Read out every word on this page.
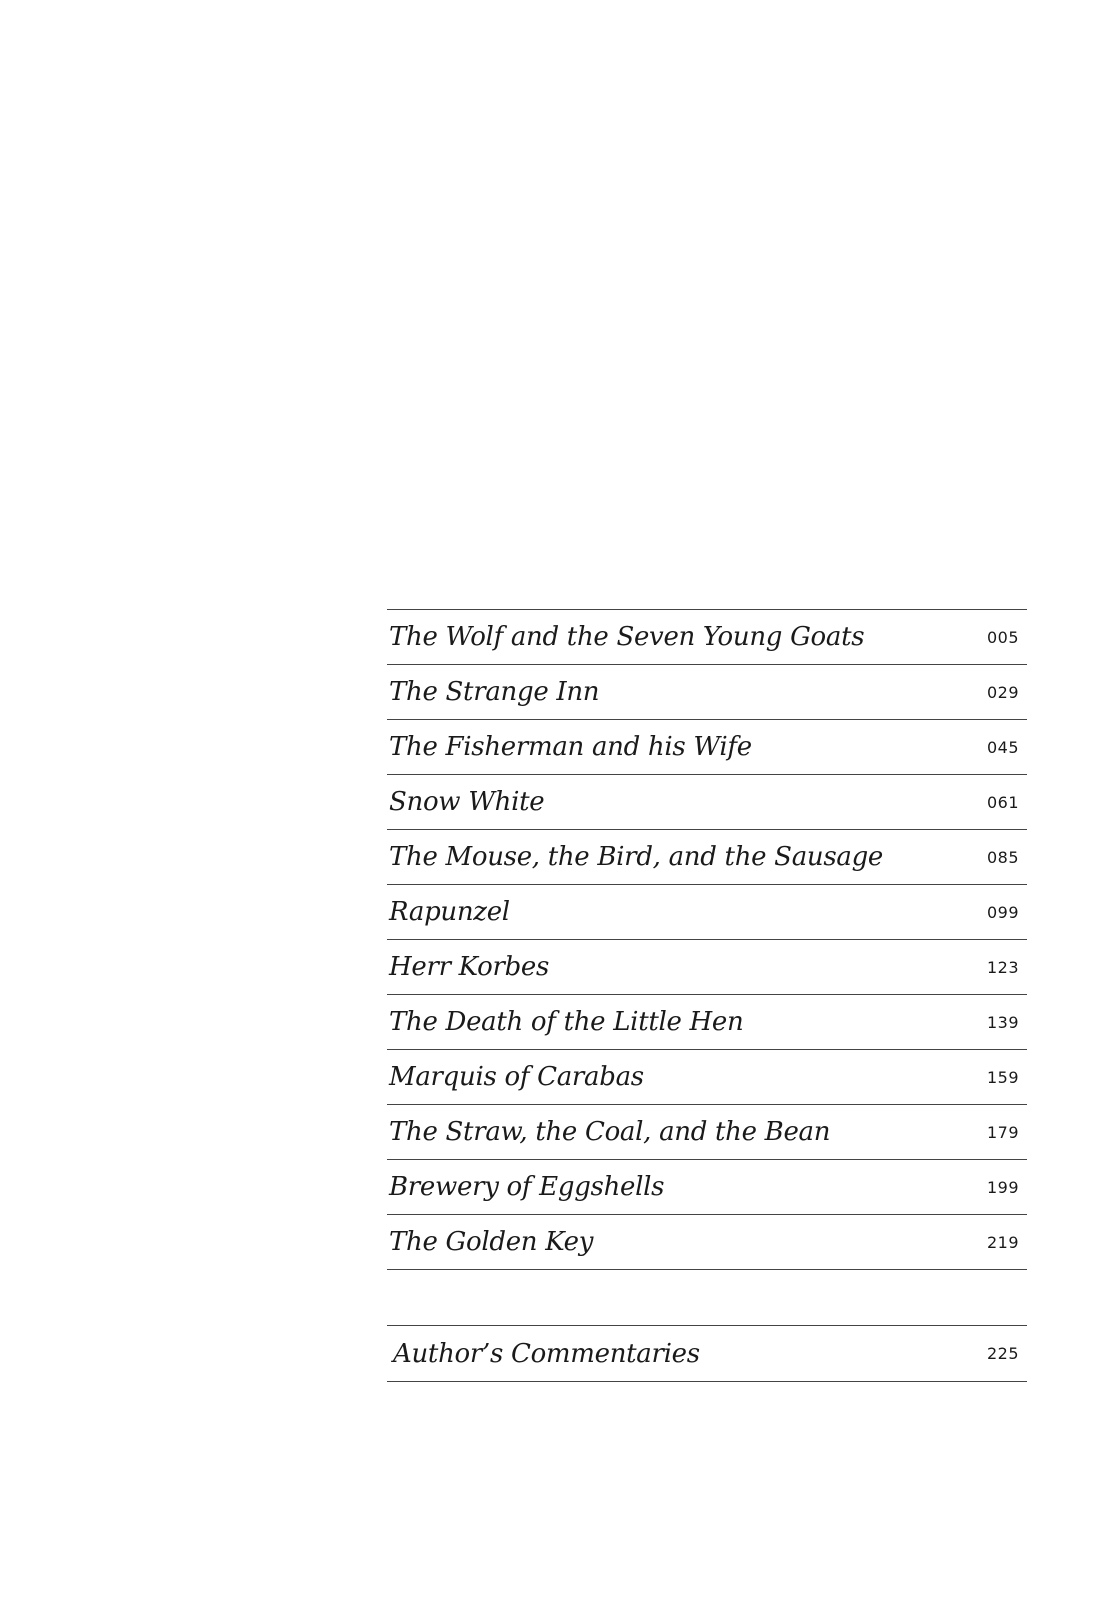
The Wolf and the Seven Young Goats	005
The Strange Inn	029
The Fisherman and his Wife	045
Snow White	061
The Mouse, the Bird, and the Sausage	085
Rapunzel	099
Herr Korbes	123
The Death of the Little Hen	139
Marquis of Carabas	159
The Straw, the Coal, and the Bean	179
Brewery of Eggshells	199
The Golden Key	219
Author’s Commentaries	225
